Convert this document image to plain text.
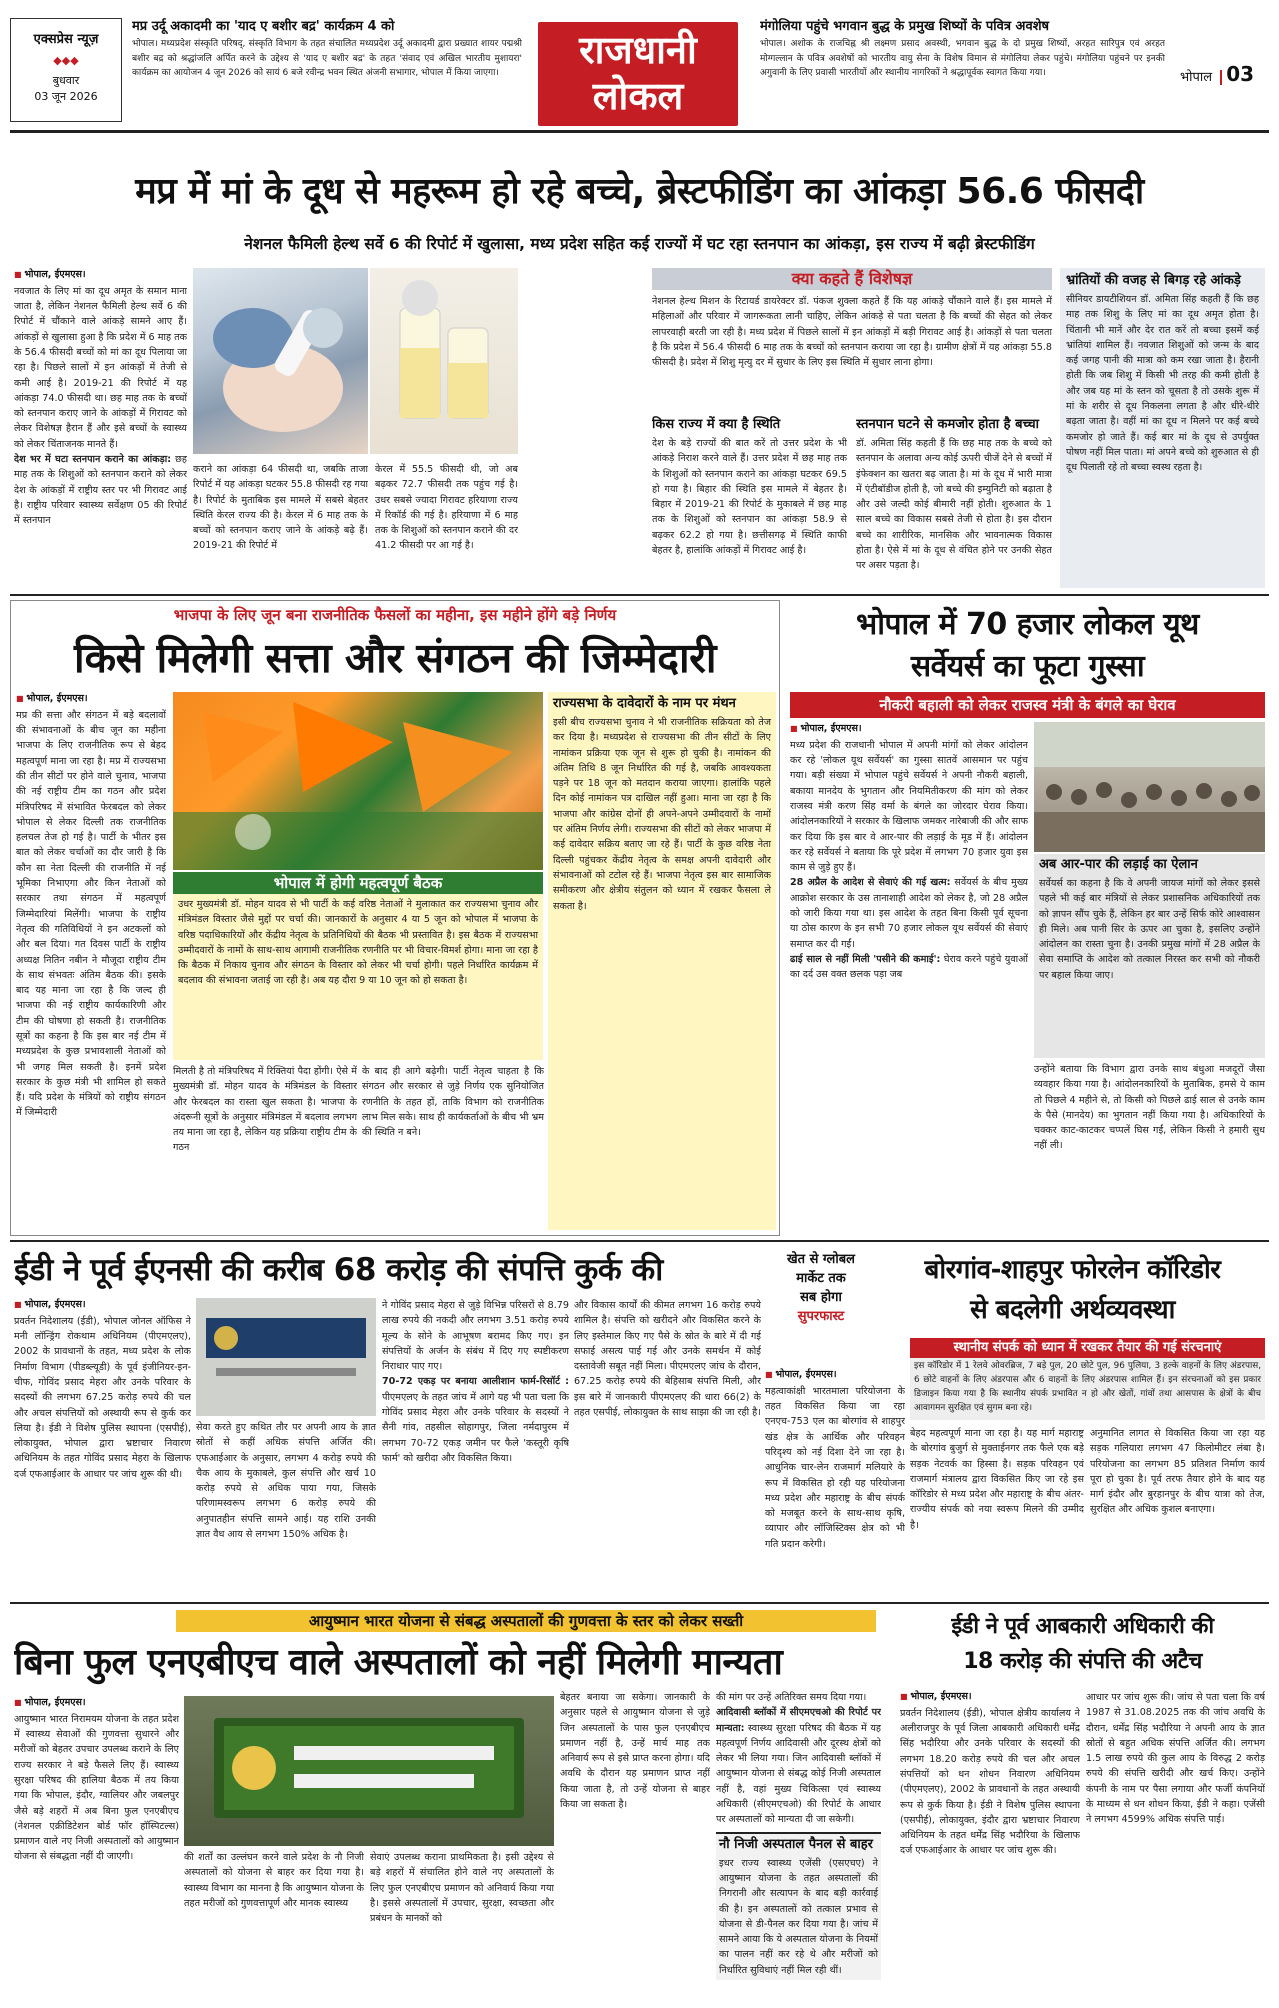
एक्सप्रेस न्यूज़
◆◆◆
बुधवार
03 जून 2026
मप्र उर्दू अकादमी का 'याद ए बशीर बद्र' कार्यक्रम 4 को
भोपाल। मध्यप्रदेश संस्कृति परिषद्, संस्कृति विभाग के तहत संचालित मध्यप्रदेश उर्दू अकादमी द्वारा प्रख्यात शायर पद्मश्री बशीर बद्र को श्रद्धांजलि अर्पित करने के उद्देश्य से 'याद ए बशीर बद्र' के तहत 'संवाद एवं अखिल भारतीय मुशायरा' कार्यक्रम का आयोजन 4 जून 2026 को सायं 6 बजे रवीन्द्र भवन स्थित अंजनी सभागार, भोपाल में किया जाएगा।
राजधानी
लोकल
मंगोलिया पहुंचे भगवान बुद्ध के प्रमुख शिष्यों के पवित्र अवशेष
भोपाल। अशोक के राजचिह्न श्री लक्ष्मण प्रसाद अवस्थी, भगवान बुद्ध के दो प्रमुख शिष्यों, अरहत सारिपुत्र एवं अरहत मोग्गल्लान के पवित्र अवशेषों को भारतीय वायु सेना के विशेष विमान से मंगोलिया लेकर पहुंचे। मंगोलिया पहुंचने पर इनकी अगुवानी के लिए प्रवासी भारतीयों और स्थानीय नागरिकों ने श्रद्धापूर्वक स्वागत किया गया।	भोपाल 03
मप्र में मां के दूध से महरूम हो रहे बच्चे, ब्रेस्टफीडिंग का आंकड़ा 56.6 फीसदी
नेशनल फैमिली हेल्थ सर्वे 6 की रिपोर्ट में खुलासा, मध्य प्रदेश सहित कई राज्यों में घट रहा स्तनपान का आंकड़ा, इस राज्य में बढ़ी ब्रेस्टफीडिंग
■ भोपाल, ईएमएस।
नवजात के लिए मां का दूध अमृत के समान माना जाता है, लेकिन नेशनल फैमिली हेल्थ सर्वे 6 की रिपोर्ट में चौंकाने वाले आंकड़े सामने आए हैं। आंकड़ों से खुलासा हुआ है कि प्रदेश में 6 माह तक के 56.4 फीसदी बच्चों को मां का दूध पिलाया जा रहा है। पिछले सालों में इन आंकड़ों में तेजी से कमी आई है। 2019-21 की रिपोर्ट में यह आंकड़ा 74.0 फीसदी था। छह माह तक के बच्चों को स्तनपान कराए जाने के आंकड़ों में गिरावट को लेकर विशेषज्ञ हैरान हैं और इसे बच्चों के स्वास्थ्य को लेकर चिंताजनक मानते हैं।
देश भर में घटा स्तनपान कराने का आंकड़ा: छह माह तक के शिशुओं को स्तनपान कराने को लेकर देश के आंकड़ों में राष्ट्रीय स्तर पर भी गिरावट आई है। राष्ट्रीय परिवार स्वास्थ्य सर्वेक्षण 05 की रिपोर्ट में स्तनपान
कराने का आंकड़ा 64 फीसदी था, जबकि ताजा रिपोर्ट में यह आंकड़ा घटकर 55.8 फीसदी रह गया है। रिपोर्ट के मुताबिक इस मामले में सबसे बेहतर स्थिति केरल राज्य की है। केरल में 6 माह तक के बच्चों को स्तनपान कराए जाने के आंकड़े बढ़े हैं। 2019-21 की रिपोर्ट में
केरल में 55.5 फीसदी थी, जो अब बढ़कर 72.7 फीसदी तक पहुंच गई है। उधर सबसे ज्यादा गिरावट हरियाणा राज्य में रिकॉर्ड की गई है। हरियाणा में 6 माह तक के शिशुओं को स्तनपान कराने की दर 41.2 फीसदी पर आ गई है।
क्या कहते हैं विशेषज्ञ
नेशनल हेल्थ मिशन के रिटायर्ड डायरेक्टर डॉ. पंकज शुक्ला कहते हैं कि यह आंकड़े चौंकाने वाले हैं। इस मामले में महिलाओं और परिवार में जागरूकता लानी चाहिए, लेकिन आंकड़े से पता चलता है कि बच्चों की सेहत को लेकर लापरवाही बरती जा रही है। मध्य प्रदेश में पिछले सालों में इन आंकड़ों में बड़ी गिरावट आई है। आंकड़ों से पता चलता है कि प्रदेश में 56.4 फीसदी 6 माह तक के बच्चों को स्तनपान कराया जा रहा है। ग्रामीण क्षेत्रों में यह आंकड़ा 55.8 फीसदी है। प्रदेश में शिशु मृत्यु दर में सुधार के लिए इस स्थिति में सुधार लाना होगा।
किस राज्य में क्या है स्थिति
देश के बड़े राज्यों की बात करें तो उत्तर प्रदेश के भी आंकड़े निराश करने वाले हैं। उत्तर प्रदेश में छह माह तक के शिशुओं को स्तनपान कराने का आंकड़ा घटकर 69.5 हो गया है। बिहार की स्थिति इस मामले में बेहतर है। बिहार में 2019-21 की रिपोर्ट के मुकाबले में छह माह तक के शिशुओं को स्तनपान का आंकड़ा 58.9 से बढ़कर 62.2 हो गया है। छत्तीसगढ़ में स्थिति काफी बेहतर है, हालांकि आंकड़ों में गिरावट आई है।
स्तनपान घटने से कमजोर होता है बच्चा
डॉ. अमिता सिंह कहती हैं कि छह माह तक के बच्चे को स्तनपान के अलावा अन्य कोई ऊपरी चीजें देने से बच्चों में इंफेक्शन का खतरा बढ़ जाता है। मां के दूध में भारी मात्रा में एंटीबॉडीज होती है, जो बच्चे की इम्युनिटी को बढ़ाता है और उसे जल्दी कोई बीमारी नहीं होती। शुरुआत के 1 साल बच्चे का विकास सबसे तेजी से होता है। इस दौरान बच्चे का शारीरिक, मानसिक और भावनात्मक विकास होता है। ऐसे में मां के दूध से वंचित होने पर उनकी सेहत पर असर पड़ता है।
भ्रांतियों की वजह से बिगड़ रहे आंकड़े
सीनियर डायटीशियन डॉ. अमिता सिंह कहती हैं कि छह माह तक शिशु के लिए मां का दूध अमृत होता है। चिंतानी भी मानें और देर रात करें तो बच्चा इसमें कई भ्रांतियां शामिल हैं। नवजात शिशुओं को जन्म के बाद कई जगह पानी की मात्रा को कम रखा जाता है। हैरानी होती कि जब शिशु में किसी भी तरह की कमी होती है और जब यह मां के स्तन को चूसता है तो उसके शुरू में मां के शरीर से दूध निकलना लगता है और धीरे-धीरे बढ़ता जाता है। वहीं मां का दूध न मिलने पर कई बच्चे कमजोर हो जाते हैं। कई बार मां के दूध से उपर्युक्त पोषण नहीं मिल पाता। मां अपने बच्चे को शुरुआत से ही दूध पिलाती रहे तो बच्चा स्वस्थ रहता है।
भाजपा के लिए जून बना राजनीतिक फैसलों का महीना, इस महीने होंगे बड़े निर्णय
किसे मिलेगी सत्ता और संगठन की जिम्मेदारी
■ भोपाल, ईएमएस।
मप्र की सत्ता और संगठन में बड़े बदलावों की संभावनाओं के बीच जून का महीना भाजपा के लिए राजनीतिक रूप से बेहद महत्वपूर्ण माना जा रहा है। मप्र में राज्यसभा की तीन सीटों पर होने वाले चुनाव, भाजपा की नई राष्ट्रीय टीम का गठन और प्रदेश मंत्रिपरिषद में संभावित फेरबदल को लेकर भोपाल से लेकर दिल्ली तक राजनीतिक हलचल तेज हो गई है। पार्टी के भीतर इस बात को लेकर चर्चाओं का दौर जारी है कि कौन सा नेता दिल्ली की राजनीति में नई भूमिका निभाएगा और किन नेताओं को सरकार तथा संगठन में महत्वपूर्ण जिम्मेदारियां मिलेंगी। भाजपा के राष्ट्रीय नेतृत्व की गतिविधियों ने इन अटकलों को और बल दिया। गत दिवस पार्टी के राष्ट्रीय अध्यक्ष नितिन नबीन ने मौजूदा राष्ट्रीय टीम के साथ संभवतः अंतिम बैठक की। इसके बाद यह माना जा रहा है कि जल्द ही भाजपा की नई राष्ट्रीय कार्यकारिणी और टीम की घोषणा हो सकती है। राजनीतिक सूत्रों का कहना है कि इस बार नई टीम में मध्यप्रदेश के कुछ प्रभावशाली नेताओं को भी जगह मिल सकती है। इनमें प्रदेश सरकार के कुछ मंत्री भी शामिल हो सकते हैं। यदि प्रदेश के मंत्रियों को राष्ट्रीय संगठन में जिम्मेदारी
भोपाल में होगी महत्वपूर्ण बैठक
उधर मुख्यमंत्री डॉ. मोहन यादव से भी पार्टी के कई वरिष्ठ नेताओं ने मुलाकात कर राज्यसभा चुनाव और मंत्रिमंडल विस्तार जैसे मुद्दों पर चर्चा की। जानकारों के अनुसार 4 या 5 जून को भोपाल में भाजपा के वरिष्ठ पदाधिकारियों और केंद्रीय नेतृत्व के प्रतिनिधियों की बैठक भी प्रस्तावित है। इस बैठक में राज्यसभा उम्मीदवारों के नामों के साथ-साथ आगामी राजनीतिक रणनीति पर भी विचार-विमर्श होगा। माना जा रहा है कि बैठक में निकाय चुनाव और संगठन के विस्तार को लेकर भी चर्चा होगी। पहले निर्धारित कार्यक्रम में बदलाव की संभावना जताई जा रही है। अब यह दौरा 9 या 10 जून को हो सकता है।
मिलती है तो मंत्रिपरिषद में रिक्तियां पैदा होंगी। ऐसे में मुख्यमंत्री डॉ. मोहन यादव के मंत्रिमंडल के विस्तार और फेरबदल का रास्ता खुल सकता है। भाजपा के अंदरूनी सूत्रों के अनुसार मंत्रिमंडल में बदलाव लगभग तय माना जा रहा है, लेकिन यह प्रक्रिया राष्ट्रीय टीम के गठन
के बाद ही आगे बढ़ेगी। पार्टी नेतृत्व चाहता है कि संगठन और सरकार से जुड़े निर्णय एक सुनियोजित रणनीति के तहत हों, ताकि विभाग को राजनीतिक लाभ मिल सके। साथ ही कार्यकर्ताओं के बीच भी भ्रम की स्थिति न बने।
राज्यसभा के दावेदारों के नाम पर मंथन
इसी बीच राज्यसभा चुनाव ने भी राजनीतिक सक्रियता को तेज कर दिया है। मध्यप्रदेश से राज्यसभा की तीन सीटों के लिए नामांकन प्रक्रिया एक जून से शुरू हो चुकी है। नामांकन की अंतिम तिथि 8 जून निर्धारित की गई है, जबकि आवश्यकता पड़ने पर 18 जून को मतदान कराया जाएगा। हालांकि पहले दिन कोई नामांकन पत्र दाखिल नहीं हुआ। माना जा रहा है कि भाजपा और कांग्रेस दोनों ही अपने-अपने उम्मीदवारों के नामों पर अंतिम निर्णय लेगी। राज्यसभा की सीटों को लेकर भाजपा में कई दावेदार सक्रिय बताए जा रहे हैं। पार्टी के कुछ वरिष्ठ नेता दिल्ली पहुंचकर केंद्रीय नेतृत्व के समक्ष अपनी दावेदारी और संभावनाओं को टटोल रहे हैं। भाजपा नेतृत्व इस बार सामाजिक समीकरण और क्षेत्रीय संतुलन को ध्यान में रखकर फैसला ले सकता है।
भोपाल में 70 हजार लोकल यूथ
सर्वेयर्स का फूटा गुस्सा
नौकरी बहाली को लेकर राजस्व मंत्री के बंगले का घेराव
■ भोपाल, ईएमएस।
मध्य प्रदेश की राजधानी भोपाल में अपनी मांगों को लेकर आंदोलन कर रहे 'लोकल यूथ सर्वेयर्स' का गुस्सा सातवें आसमान पर पहुंच गया। बड़ी संख्या में भोपाल पहुंचे सर्वेयर्स ने अपनी नौकरी बहाली, बकाया मानदेय के भुगतान और नियमितीकरण की मांग को लेकर राजस्व मंत्री करण सिंह वर्मा के बंगले का जोरदार घेराव किया। आंदोलनकारियों ने सरकार के खिलाफ जमकर नारेबाजी की और साफ कर दिया कि इस बार वे आर-पार की लड़ाई के मूड में हैं। आंदोलन कर रहे सर्वेयर्स ने बताया कि पूरे प्रदेश में लगभग 70 हजार युवा इस काम से जुड़े हुए हैं।
28 अप्रैल के आदेश से सेवाएं की गई खत्म: सर्वेयर्स के बीच मुख्य आक्रोश सरकार के उस तानाशाही आदेश को लेकर है, जो 28 अप्रैल को जारी किया गया था। इस आदेश के तहत बिना किसी पूर्व सूचना या ठोस कारण के इन सभी 70 हजार लोकल यूथ सर्वेयर्स की सेवाएं समाप्त कर दी गईं।
ढाई साल से नहीं मिली 'पसीने की कमाई': घेराव करने पहुंचे युवाओं का दर्द उस वक्त छलक पड़ा जब
अब आर-पार की लड़ाई का ऐलान
सर्वेयर्स का कहना है कि वे अपनी जायज मांगों को लेकर इससे पहले भी कई बार मंत्रियों से लेकर प्रशासनिक अधिकारियों तक को ज्ञापन सौंप चुके हैं, लेकिन हर बार उन्हें सिर्फ कोरे आश्वासन ही मिले। अब पानी सिर के ऊपर आ चुका है, इसलिए उन्होंने आंदोलन का रास्ता चुना है। उनकी प्रमुख मांगों में 28 अप्रैल के सेवा समाप्ति के आदेश को तत्काल निरस्त कर सभी को नौकरी पर बहाल किया जाए।
उन्होंने बताया कि विभाग द्वारा उनके साथ बंधुआ मजदूरों जैसा व्यवहार किया गया है। आंदोलनकारियों के मुताबिक, हमसे ये काम तो पिछले 4 महीने से, तो किसी को पिछले ढाई साल से उनके काम के पैसे (मानदेय) का भुगतान नहीं किया गया है। अधिकारियों के चक्कर काट-काटकर चप्पलें घिस गईं, लेकिन किसी ने हमारी सुध नहीं ली।
ईडी ने पूर्व ईएनसी की करीब 68 करोड़ की संपत्ति कुर्क की
■ भोपाल, ईएमएस।
प्रवर्तन निदेशालय (ईडी), भोपाल जोनल ऑफिस ने मनी लॉन्ड्रिंग रोकथाम अधिनियम (पीएमएलए), 2002 के प्रावधानों के तहत, मध्य प्रदेश के लोक निर्माण विभाग (पीडब्ल्यूडी) के पूर्व इंजीनियर-इन-चीफ, गोविंद प्रसाद मेहरा और उनके परिवार के सदस्यों की लगभग 67.25 करोड़ रुपये की चल और अचल संपत्तियों को अस्थायी रूप से कुर्क कर लिया है। ईडी ने विशेष पुलिस स्थापना (एसपीई), लोकायुक्त, भोपाल द्वारा भ्रष्टाचार निवारण अधिनियम के तहत गोविंद प्रसाद मेहरा के खिलाफ दर्ज एफआईआर के आधार पर जांच शुरू की थी।
सेवा करते हुए कथित तौर पर अपनी आय के ज्ञात स्रोतों से कहीं अधिक संपत्ति अर्जित की। एफआईआर के अनुसार, लगभग 4 करोड़ रुपये की चैक आय के मुकाबले, कुल संपत्ति और खर्च 10 करोड़ रुपये से अधिक पाया गया, जिसके परिणामस्वरूप लगभग 6 करोड़ रुपये की अनुपातहीन संपत्ति सामने आई। यह राशि उनकी ज्ञात वैध आय से लगभग 150% अधिक है।
ने गोविंद प्रसाद मेहरा से जुड़े विभिन्न परिसरों से 8.79 लाख रुपये की नकदी और लगभग 3.51 करोड़ रुपये मूल्य के सोने के आभूषण बरामद किए गए। इन संपत्तियों के अर्जन के संबंध में दिए गए स्पष्टीकरण निराधार पाए गए।
70-72 एकड़ पर बनाया आलीशान फार्म-रिसॉर्ट : पीएमएलए के तहत जांच में आगे यह भी पता चला कि गोविंद प्रसाद मेहरा और उनके परिवार के सदस्यों ने सैनी गांव, तहसील सोहागपुर, जिला नर्मदापुरम में लगभग 70-72 एकड़ जमीन पर फैले 'कस्तूरी कृषि फार्म' को खरीदा और विकसित किया।
और विकास कार्यों की कीमत लगभग 16 करोड़ रुपये शामिल है। संपत्ति को खरीदने और विकसित करने के लिए इस्तेमाल किए गए पैसे के स्रोत के बारे में दी गई सफाई असत्य पाई गई और उनके समर्थन में कोई दस्तावेजी सबूत नहीं मिला। पीएमएलए जांच के दौरान, 67.25 करोड़ रुपये की बेहिसाब संपत्ति मिली, और इस बारे में जानकारी पीएमएलए की धारा 66(2) के तहत एसपीई, लोकायुक्त के साथ साझा की जा रही है।
खेत से ग्लोबल
मार्केट तक
सब होगा
सुपरफास्ट
बोरगांव-शाहपुर फोरलेन कॉरिडोर
से बदलेगी अर्थव्यवस्था
स्थानीय संपर्क को ध्यान में रखकर तैयार की गई संरचनाएं
इस कॉरिडोर में 1 रेलवे ओवरब्रिज, 7 बड़े पुल, 20 छोटे पुल, 96 पुलिया, 3 हल्के वाहनों के लिए अंडरपास, 6 छोटे वाहनों के लिए अंडरपास और 6 वाहनों के लिए अंडरपास शामिल हैं। इन संरचनाओं को इस प्रकार डिजाइन किया गया है कि स्थानीय संपर्क प्रभावित न हो और खेतों, गांवों तथा आसपास के क्षेत्रों के बीच आवागमन सुरक्षित एवं सुगम बना रहे।
■ भोपाल, ईएमएस।
महत्वाकांक्षी भारतमाला परियोजना के तहत विकसित किया जा रहा एनएच-753 एल का बोरगांव से शाहपुर खंड क्षेत्र के आर्थिक और परिवहन परिदृश्य को नई दिशा देने जा रहा है। आधुनिक चार-लेन राजमार्ग मलियारे के रूप में विकसित हो रही यह परियोजना मध्य प्रदेश और महाराष्ट्र के बीच संपर्क को मजबूत करने के साथ-साथ कृषि, व्यापार और लॉजिस्टिक्स क्षेत्र को भी गति प्रदान करेगी।
बेहद महत्वपूर्ण माना जा रहा है। यह मार्ग महाराष्ट्र के बोरगांव बुजुर्ग से मुक्ताईनगर तक फैले एक बड़े सड़क नेटवर्क का हिस्सा है। सड़क परिवहन एवं राजमार्ग मंत्रालय द्वारा विकसित किए जा रहे इस कॉरिडोर से मध्य प्रदेश और महाराष्ट्र के बीच अंतर-राज्यीय संपर्क को नया स्वरूप मिलने की उम्मीद है।
अनुमानित लागत से विकसित किया जा रहा यह सड़क गलियारा लगभग 47 किलोमीटर लंबा है। परियोजना का लगभग 85 प्रतिशत निर्माण कार्य पूरा हो चुका है। पूर्व तरफ तैयार होने के बाद यह मार्ग इंदौर और बुरहानपुर के बीच यात्रा को तेज, सुरक्षित और अधिक कुशल बनाएगा।
आयुष्मान भारत योजना से संबद्ध अस्पतालों की गुणवत्ता के स्तर को लेकर सख्ती
बिना फुल एनएबीएच वाले अस्पतालों को नहीं मिलेगी मान्यता
■ भोपाल, ईएमएस।
आयुष्मान भारत निरामयम योजना के तहत प्रदेश में स्वास्थ्य सेवाओं की गुणवत्ता सुधारने और मरीजों को बेहतर उपचार उपलब्ध कराने के लिए राज्य सरकार ने बड़े फैसले लिए हैं। स्वास्थ्य सुरक्षा परिषद की हालिया बैठक में तय किया गया कि भोपाल, इंदौर, ग्वालियर और जबलपुर जैसे बड़े शहरों में अब बिना फुल एनएबीएच (नेशनल एक्रीडिटेशन बोर्ड फॉर हॉस्पिटल्स) प्रमाणन वाले नए निजी अस्पतालों को आयुष्मान योजना से संबद्धता नहीं दी जाएगी।	की शर्तों का उल्लंघन करने वाले प्रदेश के नौ निजी अस्पतालों को योजना से बाहर कर दिया गया है। स्वास्थ्य विभाग का मानना है कि आयुष्मान योजना के तहत मरीजों को गुणवत्तापूर्ण और मानक स्वास्थ्य
सेवाएं उपलब्ध कराना प्राथमिकता है। इसी उद्देश्य से बड़े शहरों में संचालित होने वाले नए अस्पतालों के लिए फुल एनएबीएच प्रमाणन को अनिवार्य किया गया है। इससे अस्पतालों में उपचार, सुरक्षा, स्वच्छता और प्रबंधन के मानकों को
बेहतर बनाया जा सकेगा। जानकारी के अनुसार पहले से आयुष्मान योजना से जुड़े जिन अस्पतालों के पास फुल एनएबीएच प्रमाणन नहीं है, उन्हें मार्च माह तक अनिवार्य रूप से इसे प्राप्त करना होगा। यदि अवधि के दौरान यह प्रमाणन प्राप्त नहीं किया जाता है, तो उन्हें योजना से बाहर किया जा सकता है।
की मांग पर उन्हें अतिरिक्त समय दिया गया।
आदिवासी ब्लॉकों में सीएमएचओ की रिपोर्ट पर मान्यता: स्वास्थ्य सुरक्षा परिषद की बैठक में यह महत्वपूर्ण निर्णय आदिवासी और दूरस्थ क्षेत्रों को लेकर भी लिया गया। जिन आदिवासी ब्लॉकों में आयुष्मान योजना से संबद्ध कोई निजी अस्पताल नहीं है, वहां मुख्य चिकित्सा एवं स्वास्थ्य अधिकारी (सीएमएचओ) की रिपोर्ट के आधार पर अस्पतालों को मान्यता दी जा सकेगी।
नौ निजी अस्पताल पैनल से बाहर
इधर राज्य स्वास्थ्य एजेंसी (एसएचए) ने आयुष्मान योजना के तहत अस्पतालों की निगरानी और सत्यापन के बाद बड़ी कार्रवाई की है। इन अस्पतालों को तत्काल प्रभाव से योजना से डी-पैनल कर दिया गया है। जांच में सामने आया कि ये अस्पताल योजना के नियमों का पालन नहीं कर रहे थे और मरीजों को निर्धारित सुविधाएं नहीं मिल रही थीं।
ईडी ने पूर्व आबकारी अधिकारी की
18 करोड़ की संपत्ति की अटैच
■ भोपाल, ईएमएस।
प्रवर्तन निदेशालय (ईडी), भोपाल क्षेत्रीय कार्यालय ने अलीराजपुर के पूर्व जिला आबकारी अधिकारी धर्मेंद्र सिंह भदौरिया और उनके परिवार के सदस्यों की लगभग 18.20 करोड़ रुपये की चल और अचल संपत्तियों को धन शोधन निवारण अधिनियम (पीएमएलए), 2002 के प्रावधानों के तहत अस्थायी रूप से कुर्क किया है। ईडी ने विशेष पुलिस स्थापना (एसपीई), लोकायुक्त, इंदौर द्वारा भ्रष्टाचार निवारण अधिनियम के तहत धर्मेंद्र सिंह भदौरिया के खिलाफ दर्ज एफआईआर के आधार पर जांच शुरू की।
आधार पर जांच शुरू की। जांच से पता चला कि वर्ष 1987 से 31.08.2025 तक की जांच अवधि के दौरान, धर्मेंद्र सिंह भदौरिया ने अपनी आय के ज्ञात स्रोतों से बहुत अधिक संपत्ति अर्जित की। लगभग 1.5 लाख रुपये की कुल आय के विरुद्ध 2 करोड़ रुपये की संपत्ति खरीदी और खर्च किए। उन्होंने कंपनी के नाम पर पैसा लगाया और फर्जी कंपनियों के माध्यम से धन शोधन किया, ईडी ने कहा। एजेंसी ने लगभग 4599% अधिक संपत्ति पाई।
